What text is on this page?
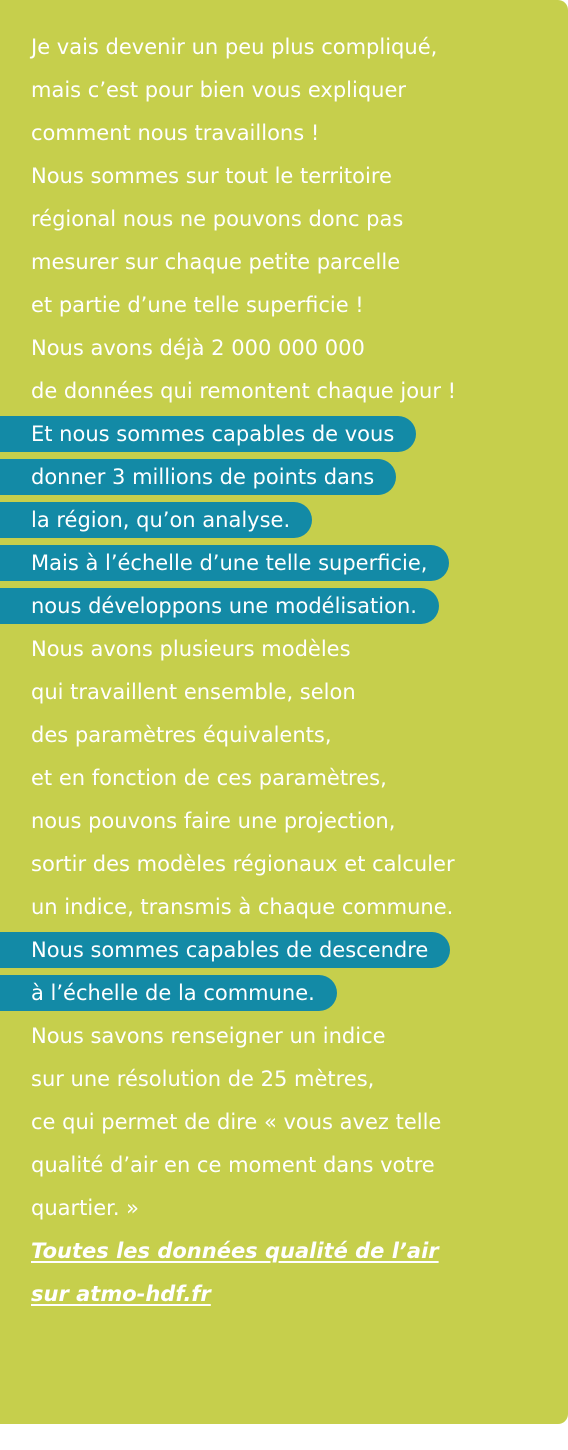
Je vais devenir un peu plus compliqué,
mais c’est pour bien vous expliquer
comment nous travaillons !
Nous sommes sur tout le territoire
régional nous ne pouvons donc pas
mesurer sur chaque petite parcelle
et partie d’une telle superficie !
Nous avons déjà 2 000 000 000
de données qui remontent chaque jour !
Et nous sommes capables de vous
donner 3 millions de points dans
la région, qu’on analyse.
Mais à l’échelle d’une telle superficie,
nous développons une modélisation.
Nous avons plusieurs modèles
qui travaillent ensemble, selon
des paramètres équivalents,
et en fonction de ces paramètres,
nous pouvons faire une projection,
sortir des modèles régionaux et calculer
un indice, transmis à chaque commune.
Nous sommes capables de descendre
à l’échelle de la commune.
Nous savons renseigner un indice
sur une résolution de 25 mètres,
ce qui permet de dire « vous avez telle
qualité d’air en ce moment dans votre
quartier. »
Toutes les données qualité de l’air
sur atmo-hdf.fr
